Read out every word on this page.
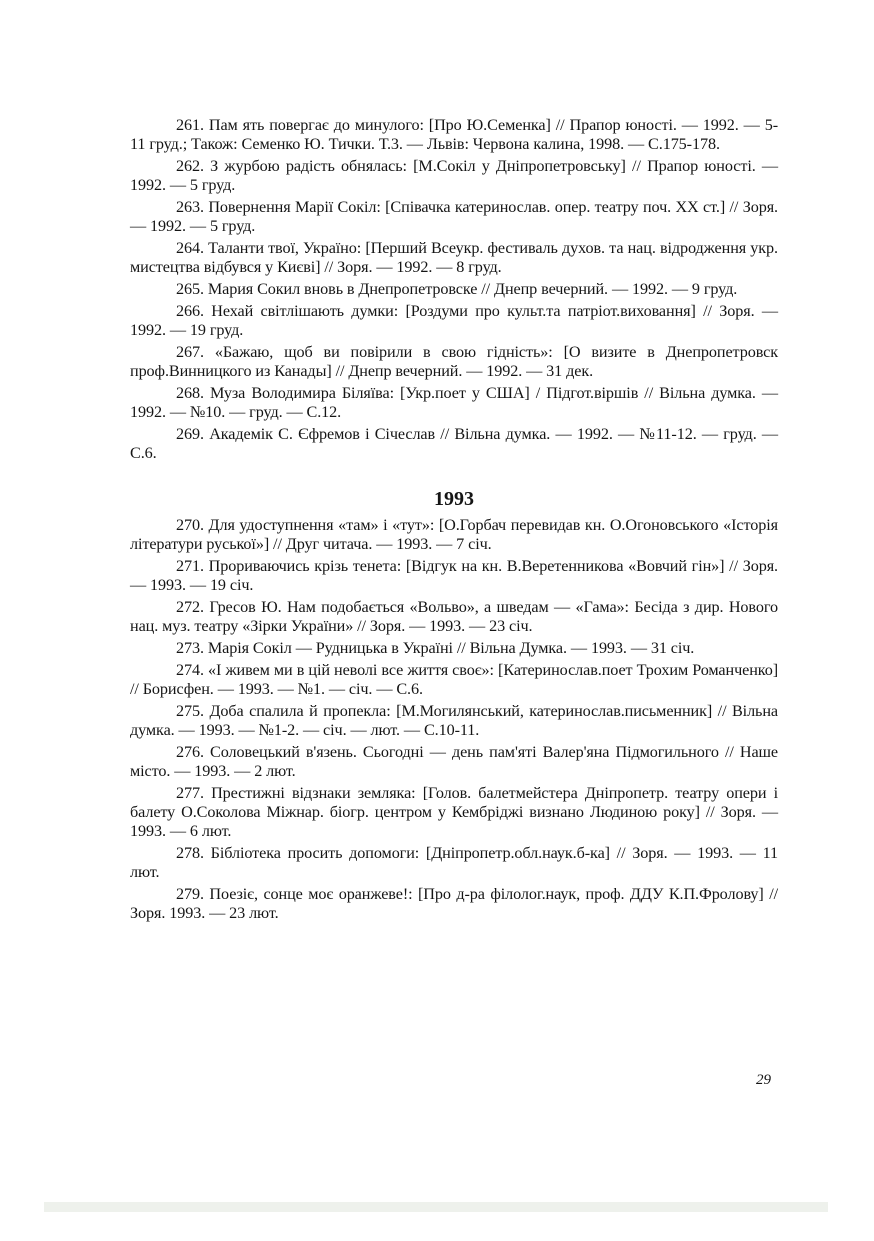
261. Пам ять повергає до минулого: [Про Ю.Семенка] // Прапор юності. — 1992. — 5-11 груд.; Також: Семенко Ю. Тички. Т.3. — Львів: Червона калина, 1998. — С.175-178.

262. З журбою радість обнялась: [М.Сокіл у Дніпропетровську] // Прапор юності. — 1992. — 5 груд.

263. Повернення Марії Сокіл: [Співачка катеринослав. опер. театру поч. XX ст.] // Зоря. — 1992. — 5 груд.

264. Таланти твої, Україно: [Перший Всеукр. фестиваль духов. та нац. відродження укр. мистецтва відбувся у Києві] // Зоря. — 1992. — 8 груд.

265. Мария Сокил вновь в Днепропетровске // Днепр вечерний. — 1992. — 9 груд.

266. Нехай світлішають думки: [Роздуми про культ.та патріот.виховання] // Зоря. — 1992. — 19 груд.

267. «Бажаю, щоб ви повірили в свою гідність»: [О визите в Днепропетровск проф.Винницкого из Канады] // Днепр вечерний. — 1992. — 31 дек.

268. Муза Володимира Біляїва: [Укр.поет у США] / Підгот.віршів // Вільна думка. — 1992. — №10. — груд. — С.12.

269. Академік С. Єфремов і Січеслав // Вільна думка. — 1992. — №11-12. — груд. — С.6.

1993

270. Для удоступнення «там» і «тут»: [О.Горбач перевидав кн. О.Огоновського «Історія літератури руської»] // Друг читача. — 1993. — 7 січ.

271. Прориваючись крізь тенета: [Відгук на кн. В.Веретенникова «Вовчий гін»] // Зоря. — 1993. — 19 січ.

272. Гресов Ю. Нам подобається «Вольво», а шведам — «Гама»: Бесіда з дир. Нового нац. муз. театру «Зірки України» // Зоря. — 1993. — 23 січ.

273. Марія Сокіл — Рудницька в Україні // Вільна Думка. — 1993. — 31 січ.

274. «І живем ми в цій неволі все життя своє»: [Катеринослав.поет Трохим Романченко] // Борисфен. — 1993. — №1. — січ. — С.6.

275. Доба спалила й пропекла: [М.Могилянський, катеринослав.письменник] // Вільна думка. — 1993. — №1-2. — січ. — лют. — С.10-11.

276. Соловецький в'язень. Сьогодні — день пам'яті Валер'яна Підмогильного // Наше місто. — 1993. — 2 лют.

277. Престижні відзнаки земляка: [Голов. балетмейстера Дніпропетр. театру опери і балету О.Соколова Міжнар. біогр. центром у Кембріджі визнано Людиною року] // Зоря. — 1993. — 6 лют.

278. Бібліотека просить допомоги: [Дніпропетр.обл.наук.б-ка] // Зоря. — 1993. — 11 лют.

279. Поезіє, сонце моє оранжеве!: [Про д-ра філолог.наук, проф. ДДУ К.П.Фролову] // Зоря. 1993. — 23 лют.

29
